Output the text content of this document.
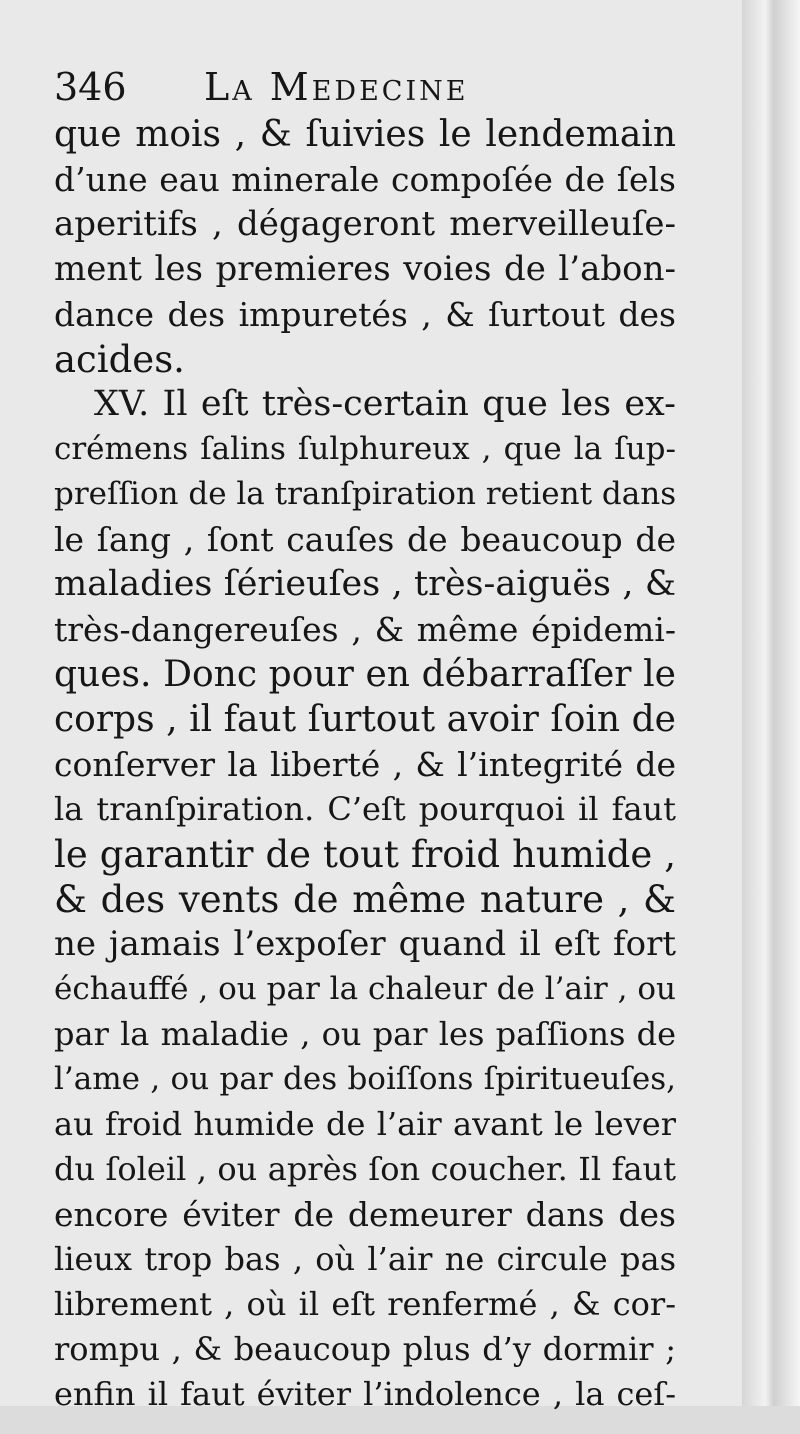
346 La Medecine
que mois , & ſuivies le lendemain
d’une eau minerale compoſée de ſels
aperitifs , dégageront merveilleuſe-
ment les premieres voies de l’abon-
dance des impuretés , & ſurtout des
acides.
XV. Il eſt très-certain que les ex-
crémens ſalins ſulphureux , que la ſup-
preſſion de la tranſpiration retient dans
le ſang , ſont cauſes de beaucoup de
maladies ſérieuſes , très-aiguës , &
très-dangereuſes , & même épidemi-
ques. Donc pour en débarraſſer le
corps , il faut ſurtout avoir ſoin de
conſerver la liberté , & l’integrité de
la tranſpiration. C’eſt pourquoi il faut
le garantir de tout froid humide ,
& des vents de même nature , &
ne jamais l’expoſer quand il eſt fort
échauffé , ou par la chaleur de l’air , ou
par la maladie , ou par les paſſions de
l’ame , ou par des boiſſons ſpiritueuſes,
au froid humide de l’air avant le lever
du ſoleil , ou après ſon coucher. Il faut
encore éviter de demeurer dans des
lieux trop bas , où l’air ne circule pas
librement , où il eſt renfermé , & cor-
rompu , & beaucoup plus d’y dormir ;
enfin il faut éviter l’indolence , la ceſ-
